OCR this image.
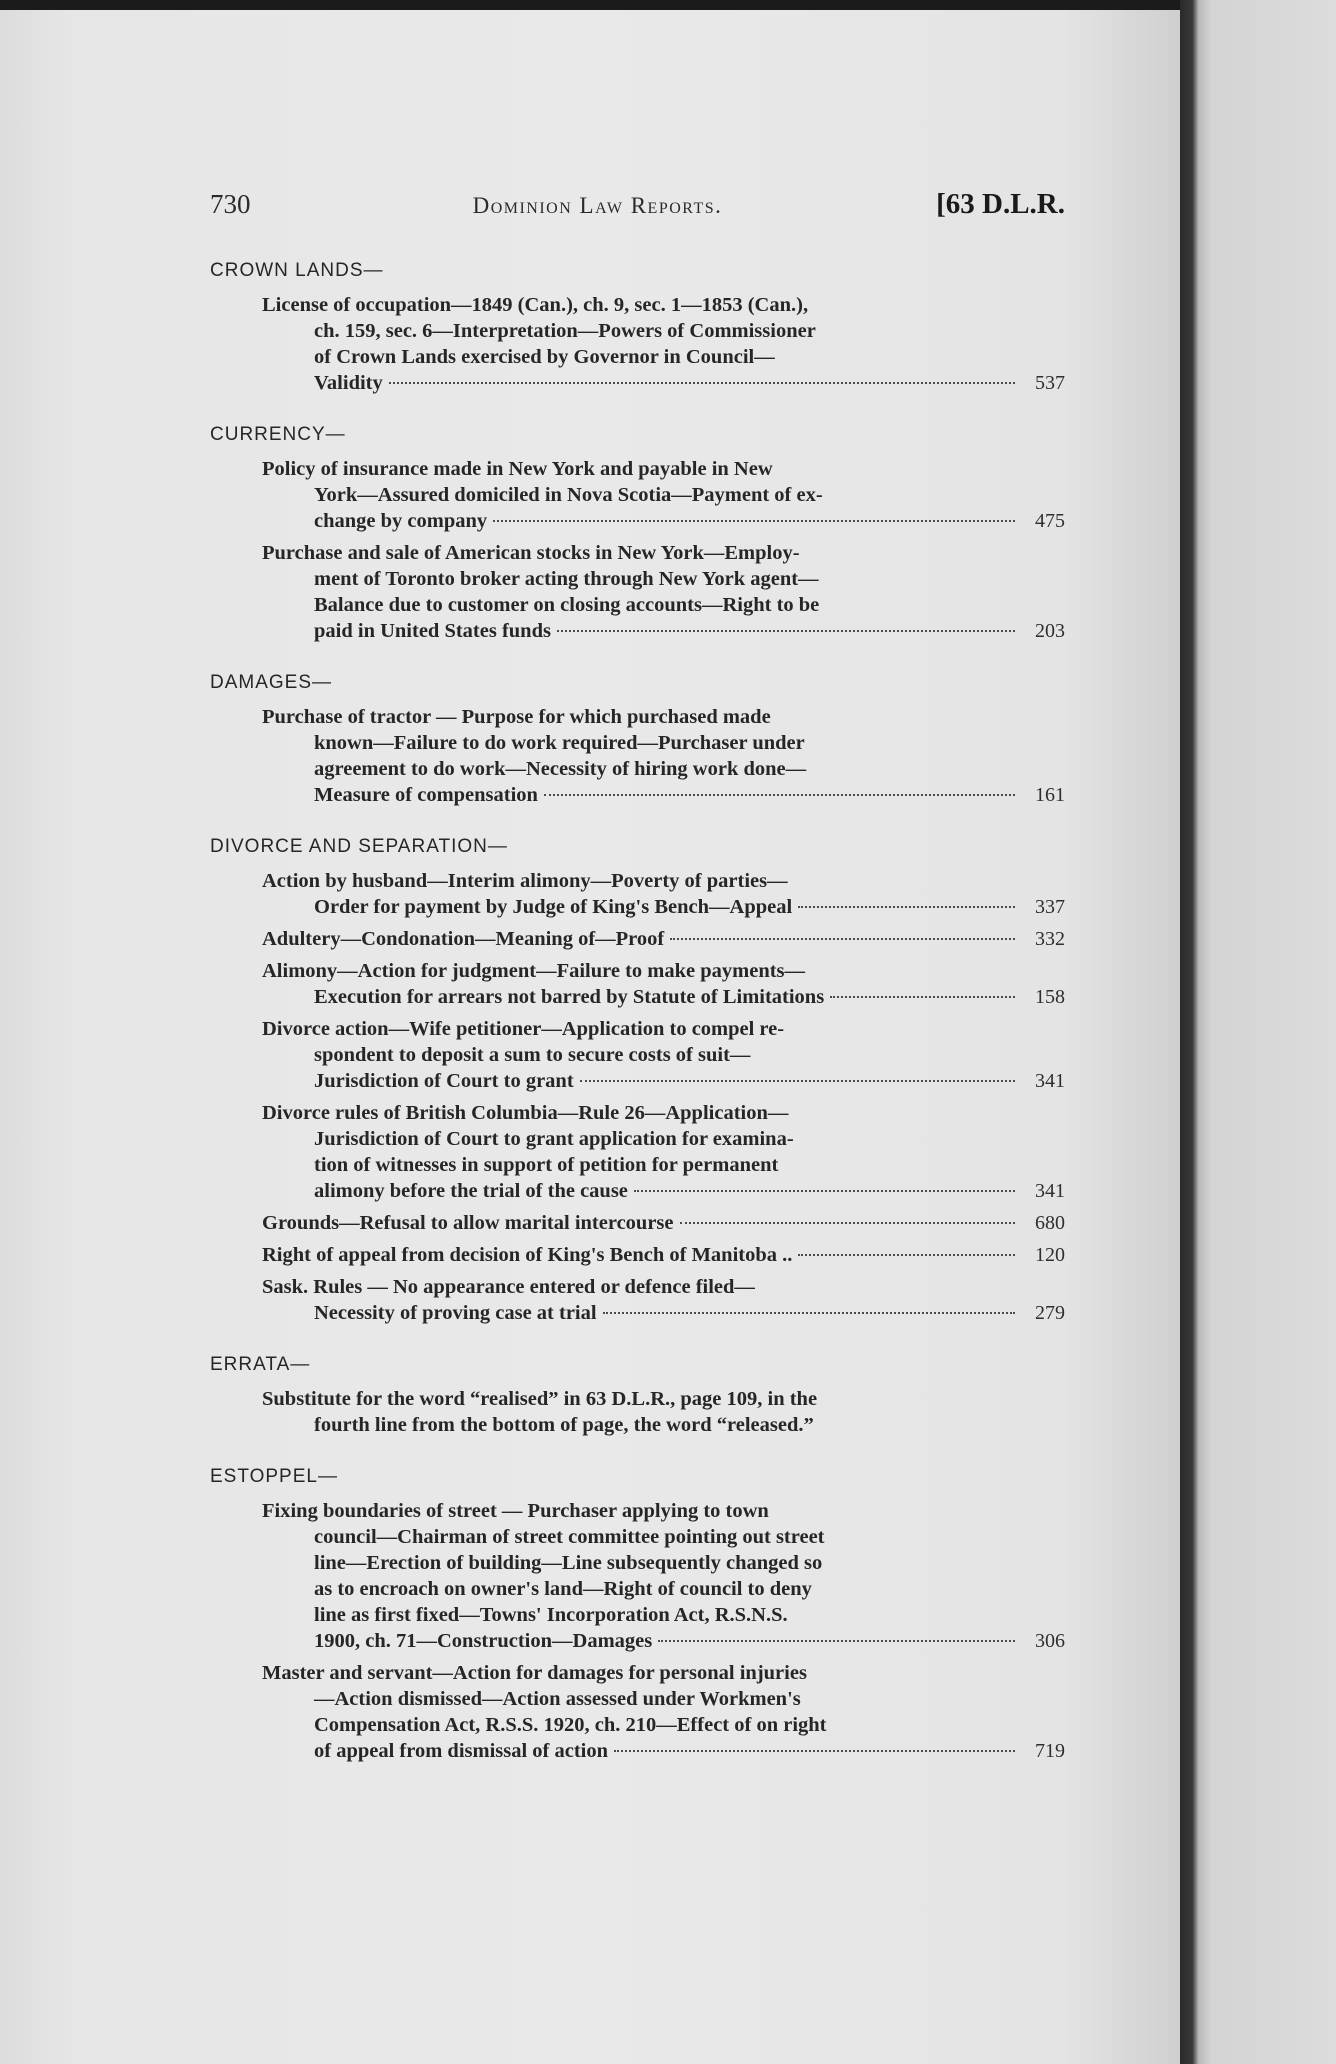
730	Dominion Law Reports.	[63 D.L.R.
CROWN LANDS—
License of occupation—1849 (Can.), ch. 9, sec. 1—1853 (Can.),
ch. 159, sec. 6—Interpretation—Powers of Commissioner
of Crown Lands exercised by Governor in Council—
Validity	537
CURRENCY—
Policy of insurance made in New York and payable in New
York—Assured domiciled in Nova Scotia—Payment of ex-
change by company	475
Purchase and sale of American stocks in New York—Employ-
ment of Toronto broker acting through New York agent—
Balance due to customer on closing accounts—Right to be
paid in United States funds	203
DAMAGES—
Purchase of tractor — Purpose for which purchased made
known—Failure to do work required—Purchaser under
agreement to do work—Necessity of hiring work done—
Measure of compensation	161
DIVORCE AND SEPARATION—
Action by husband—Interim alimony—Poverty of parties—
Order for payment by Judge of King's Bench—Appeal	337
Adultery—Condonation—Meaning of—Proof	332
Alimony—Action for judgment—Failure to make payments—
Execution for arrears not barred by Statute of Limitations	158
Divorce action—Wife petitioner—Application to compel re-
spondent to deposit a sum to secure costs of suit—
Jurisdiction of Court to grant	341
Divorce rules of British Columbia—Rule 26—Application—
Jurisdiction of Court to grant application for examina-
tion of witnesses in support of petition for permanent
alimony before the trial of the cause	341
Grounds—Refusal to allow marital intercourse	680
Right of appeal from decision of King's Bench of Manitoba ..	120
Sask. Rules — No appearance entered or defence filed—
Necessity of proving case at trial	279
ERRATA—
Substitute for the word “realised” in 63 D.L.R., page 109, in the
fourth line from the bottom of page, the word “released.”
ESTOPPEL—
Fixing boundaries of street — Purchaser applying to town
council—Chairman of street committee pointing out street
line—Erection of building—Line subsequently changed so
as to encroach on owner's land—Right of council to deny
line as first fixed—Towns' Incorporation Act, R.S.N.S.
1900, ch. 71—Construction—Damages	306
Master and servant—Action for damages for personal injuries
—Action dismissed—Action assessed under Workmen's
Compensation Act, R.S.S. 1920, ch. 210—Effect of on right
of appeal from dismissal of action	719
